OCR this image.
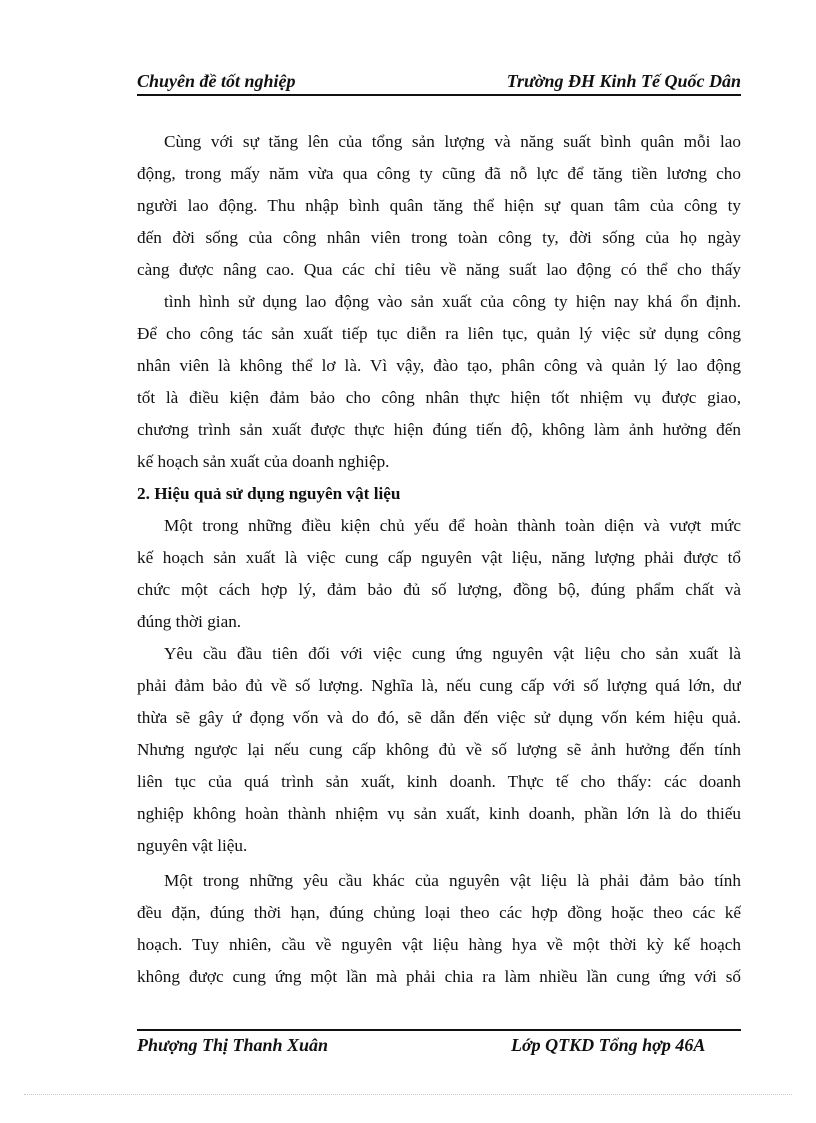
Chuyên đề tốt nghiệp	Trường ĐH Kinh Tế Quốc Dân
Cùng với sự tăng lên của tổng sản lượng và năng suất bình quân mỗi lao
động, trong mấy năm vừa qua công ty cũng đã nỗ lực để tăng tiền lương cho
người lao động. Thu nhập bình quân tăng thể hiện sự quan tâm của công ty
đến đời sống của công nhân viên trong toàn công ty, đời sống của họ ngày
càng được nâng cao. Qua các chỉ tiêu về năng suất lao động có thể cho thấy
tình hình sử dụng lao động vào sản xuất của công ty hiện nay khá ổn định.
Để cho công tác sản xuất tiếp tục diễn ra liên tục, quản lý việc sử dụng công
nhân viên là không thể lơ là. Vì vậy, đào tạo, phân công và quản lý lao động
tốt là điều kiện đảm bảo cho công nhân thực hiện tốt nhiệm vụ được giao,
chương trình sản xuất được thực hiện đúng tiến độ, không làm ảnh hưởng đến
kế hoạch sản xuất của doanh nghiệp.
2. Hiệu quả sử dụng nguyên vật liệu
Một trong những điều kiện chủ yếu để hoàn thành toàn diện và vượt mức
kế hoạch sản xuất là việc cung cấp nguyên vật liệu, năng lượng phải được tổ
chức một cách hợp lý, đảm bảo đủ số lượng, đồng bộ, đúng phẩm chất và
đúng thời gian.
Yêu cầu đầu tiên đối với việc cung ứng nguyên vật liệu cho sản xuất là
phải đảm bảo đủ về số lượng. Nghĩa là, nếu cung cấp với số lượng quá lớn, dư
thừa sẽ gây ứ đọng vốn và do đó, sẽ dẫn đến việc sử dụng vốn kém hiệu quả.
Nhưng ngược lại nếu cung cấp không đủ về số lượng sẽ ảnh hưởng đến tính
liên tục của quá trình sản xuất, kinh doanh. Thực tế cho thấy: các doanh
nghiệp không hoàn thành nhiệm vụ sản xuất, kinh doanh, phần lớn là do thiếu
nguyên vật liệu.
Một trong những yêu cầu khác của nguyên vật liệu là phải đảm bảo tính
đều đặn, đúng thời hạn, đúng chủng loại theo các hợp đồng hoặc theo các kế
hoạch. Tuy nhiên, cầu về nguyên vật liệu hàng hya về một thời kỳ kế hoạch
không được cung ứng một lần mà phải chia ra làm nhiều lần cung ứng với số
Phượng Thị Thanh Xuân	Lớp QTKD Tổng hợp 46A
